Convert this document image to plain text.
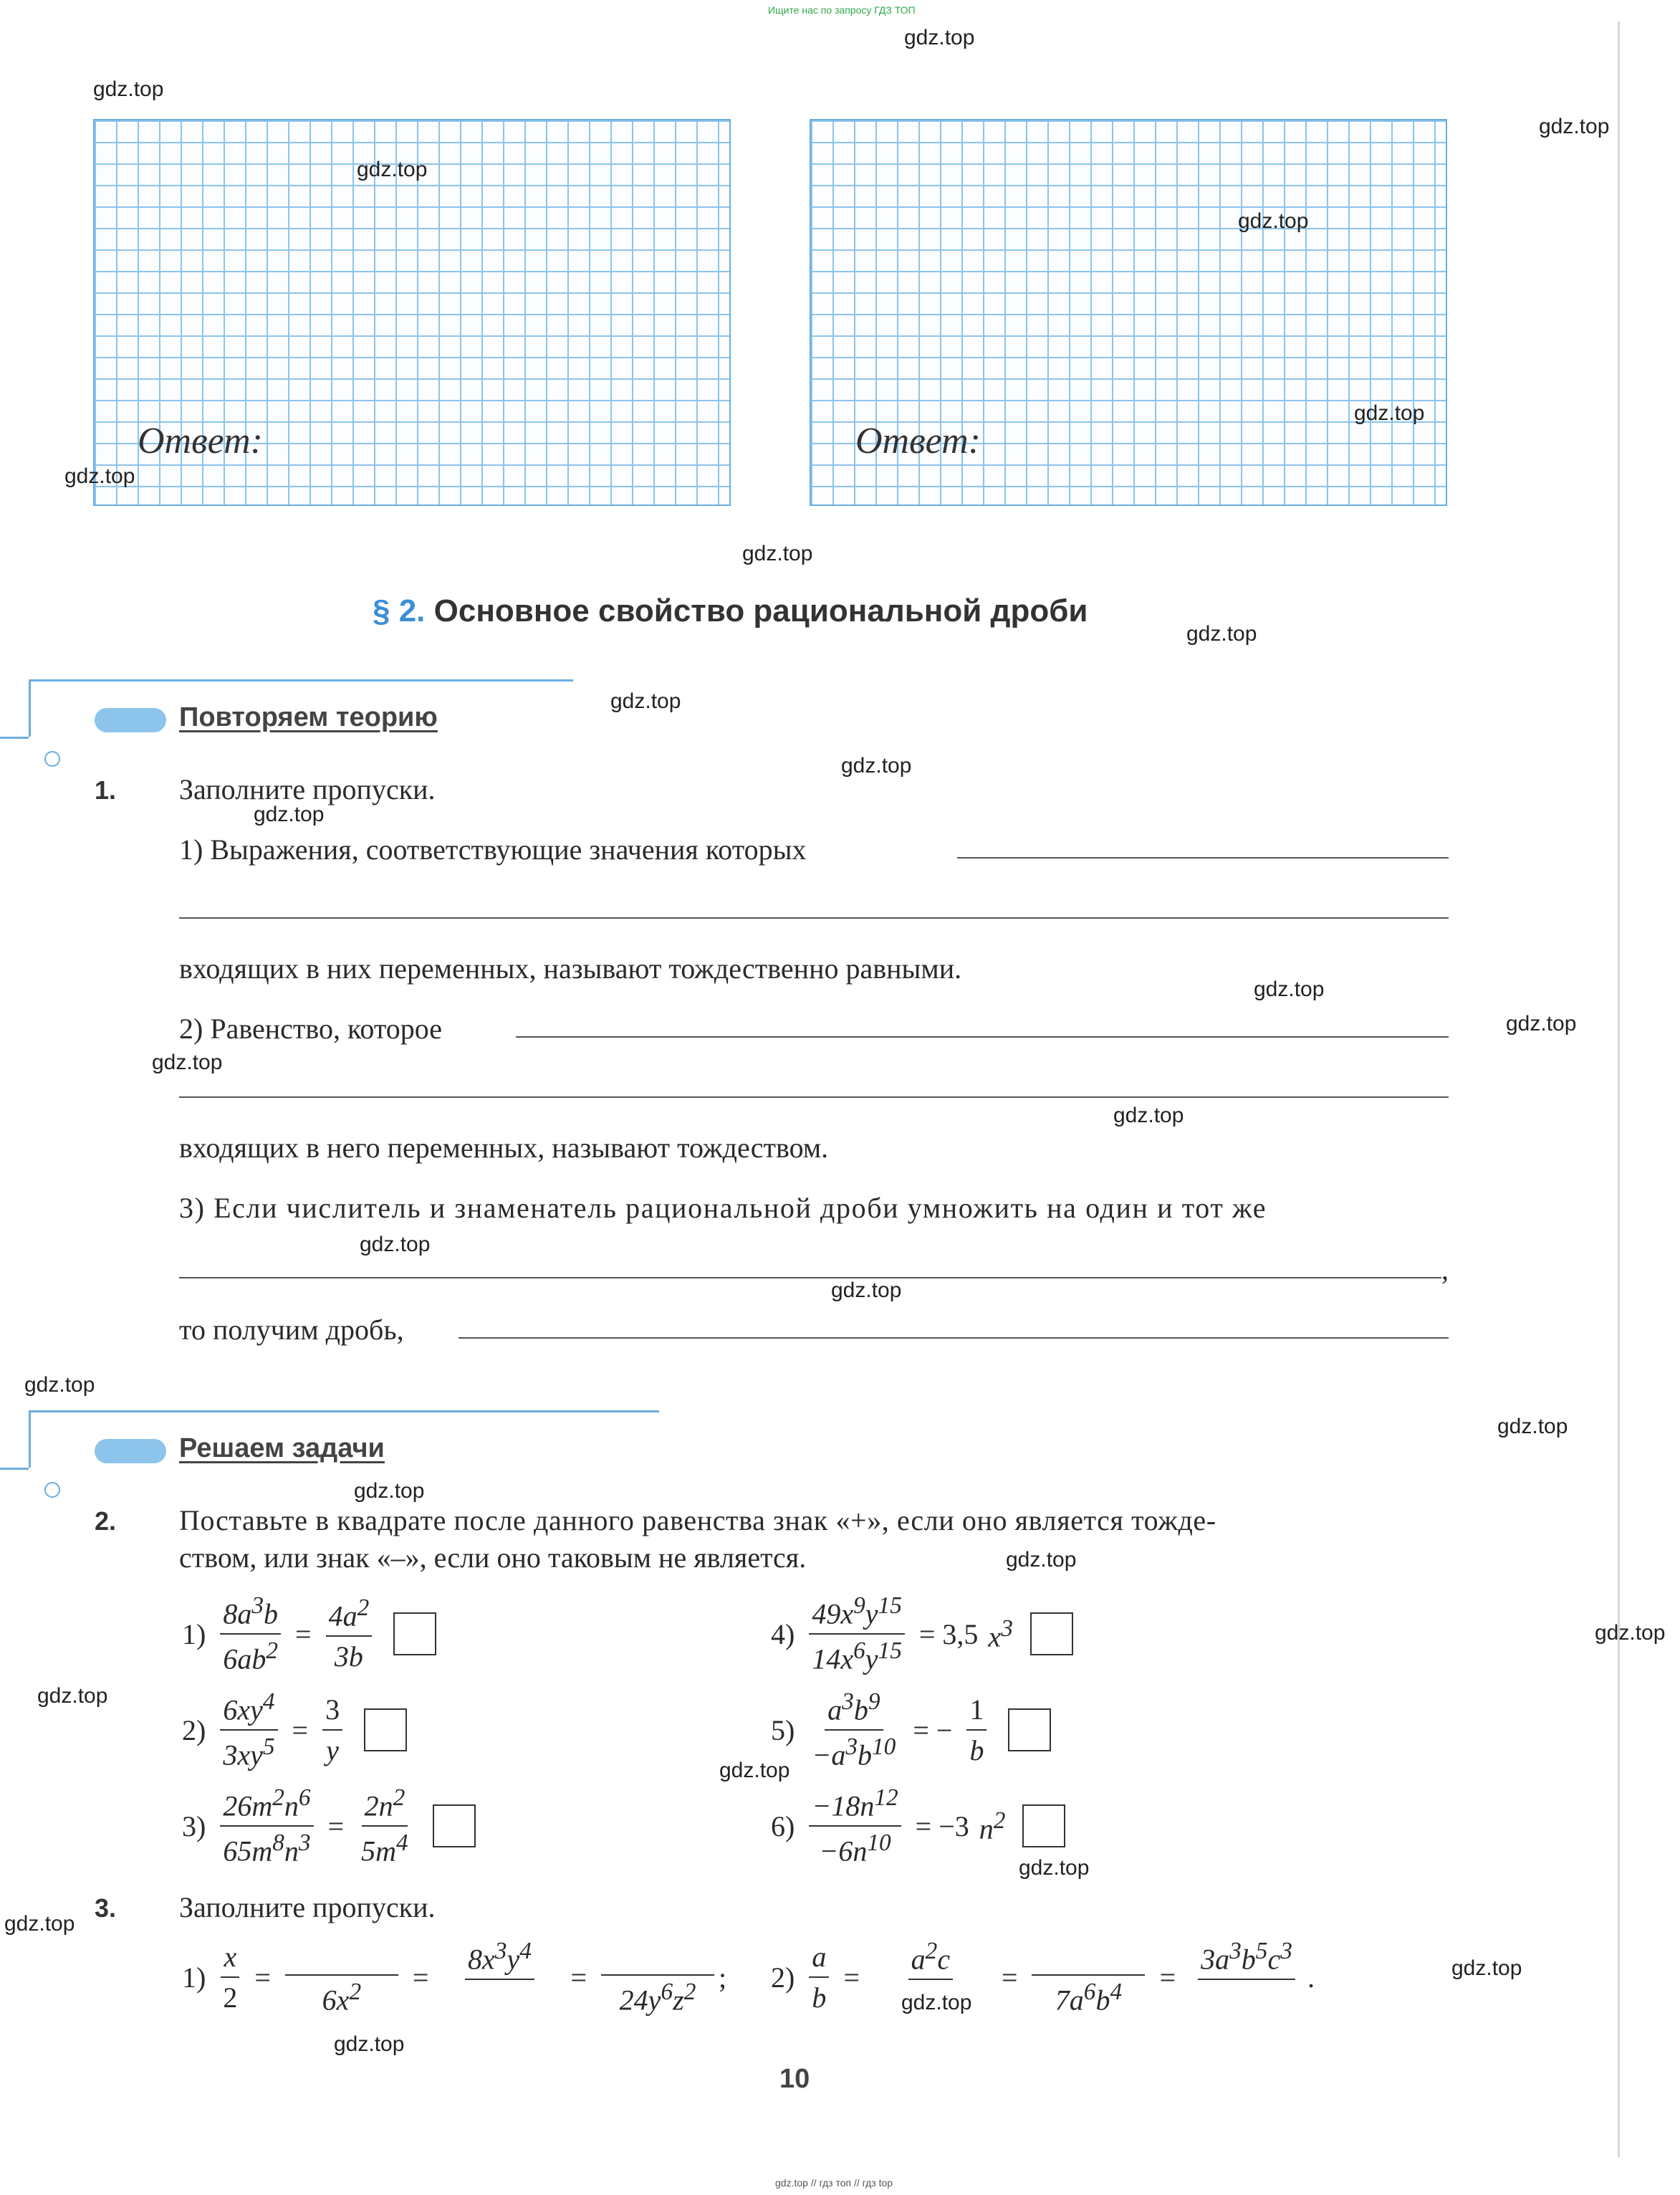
Ищите нас по запросу ГДЗ ТОП
Ответ:	Ответ:
§ 2. Основное свойство рациональной дроби
Повторяем теорию
1. Заполните пропуски.
1) Выражения, соответствующие значения которых
входящих в них переменных, называют тождественно равными.
2) Равенство, которое
входящих в него переменных, называют тождеством.
3) Если числитель и знаменатель рациональной дроби умножить на один и тот же
,
то получим дробь,
Решаем задачи
2. Поставьте в квадрате после данного равенства знак «+», если оно является тожде-
ством, или знак «–», если оно таковым не является.
$1) \frac{8a^3b}{6ab^2} = \frac{4a^2}{3b}$	$4) \frac{49x^9y^{15}}{14x^6y^{15}} = 3,5$ $x^3$
$2) \frac{6xy^4}{3xy^5} = \frac{3}{y}$	$5) \frac{a^3b^9}{-a^3b^{10}}$ = − $\frac{1}{b}$
$3) \frac{26m^2n^6}{65m^8n^3} = \frac{2n^2}{5m^4}$	$6) \frac{-18n^{12}}{-6n^{10}} = -3$ $n^2$
3. Заполните пропуски.
$1) \frac{x}{2}$ =
$6x^2$ =
$8x^3y^4$
=
$24y^6z^2$ ; $2) \frac{a}{b}$ =
$a^2c$
=
$7a^6b^4$ =
$3a^3b^5c^3$
.
10
gdz.top // гдз топ // гдз top
gdz.top
gdz.top
gdz.top
gdz.top
gdz.top
gdz.top
gdz.top
gdz.top
gdz.top
gdz.top
gdz.top
gdz.top
gdz.top
gdz.top
gdz.top
gdz.top
gdz.top
gdz.top
gdz.top
gdz.top
gdz.top
gdz.top
gdz.top
gdz.top
gdz.top
gdz.top
gdz.top
gdz.top
gdz.top
gdz.top
